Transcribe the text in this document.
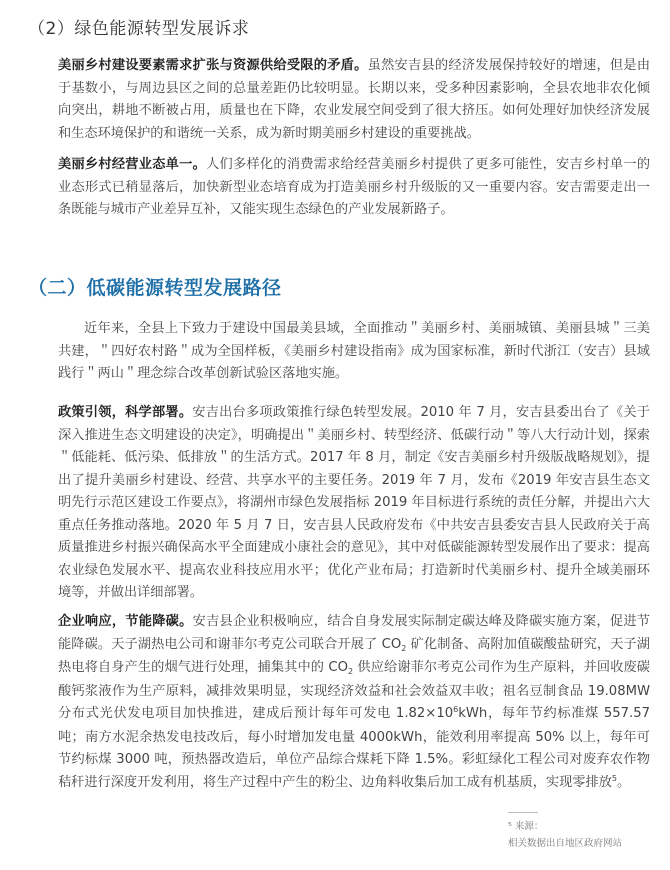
（2）绿色能源转型发展诉求

美丽乡村建设要素需求扩张与资源供给受限的矛盾。虽然安吉县的经济发展保持较好的增速，但是由于基数小，与周边县区之间的总量差距仍比较明显。长期以来，受多种因素影响，全县农地非农化倾向突出，耕地不断被占用，质量也在下降，农业发展空间受到了很大挤压。如何处理好加快经济发展和生态环境保护的和谐统一关系，成为新时期美丽乡村建设的重要挑战。

美丽乡村经营业态单一。人们多样化的消费需求给经营美丽乡村提供了更多可能性，安吉乡村单一的业态形式已稍显落后，加快新型业态培育成为打造美丽乡村升级版的又一重要内容。安吉需要走出一条既能与城市产业差异互补，又能实现生态绿色的产业发展新路子。

（二）低碳能源转型发展路径

近年来，全县上下致力于建设中国最美县域，全面推动＂美丽乡村、美丽城镇、美丽县城＂三美共建，＂四好农村路＂成为全国样板，《美丽乡村建设指南》成为国家标准，新时代浙江（安吉）县域践行＂两山＂理念综合改革创新试验区落地实施。

政策引领，科学部署。安吉出台多项政策推行绿色转型发展。2010 年 7 月，安吉县委出台了《关于深入推进生态文明建设的决定》，明确提出＂美丽乡村、转型经济、低碳行动＂等八大行动计划，探索＂低能耗、低污染、低排放＂的生活方式。2017 年 8 月，制定《安吉美丽乡村升级版战略规划》，提出了提升美丽乡村建设、经营、共享水平的主要任务。2019 年 7 月，发布《2019 年安吉县生态文明先行示范区建设工作要点》，将湖州市绿色发展指标 2019 年目标进行系统的责任分解，并提出六大重点任务推动落地。2020 年 5 月 7 日，安吉县人民政府发布《中共安吉县委安吉县人民政府关于高质量推进乡村振兴确保高水平全面建成小康社会的意见》，其中对低碳能源转型发展作出了要求：提高农业绿色发展水平、提高农业科技应用水平；优化产业布局；打造新时代美丽乡村、提升全域美丽环境等，并做出详细部署。

企业响应，节能降碳。安吉县企业积极响应，结合自身发展实际制定碳达峰及降碳实施方案，促进节能降碳。天子湖热电公司和谢菲尔考克公司联合开展了 $CO_2$ 矿化制备、高附加值碳酸盐研究，天子湖热电将自身产生的烟气进行处理，捕集其中的 $CO_2$ 供应给谢菲尔考克公司作为生产原料，并回收废碳酸钙浆液作为生产原料，减排效果明显，实现经济效益和社会效益双丰收；祖名豆制食品 19.08MW 分布式光伏发电项目加快推进，建成后预计每年可发电 $1.82\times 10^6kWh$，每年节约标准煤 557.57 吨；南方水泥余热发电技改后，每小时增加发电量 4000kWh，能效利用率提高 50% 以上，每年可节约标煤 3000 吨，预热器改造后，单位产品综合煤耗下降 1.5%。彩虹绿化工程公司对废弃农作物秸秆进行深度开发利用，将生产过程中产生的粉尘、边角料收集后加工成有机基质，实现零排放$^5$。

⁵ 来源：
相关数据出自地区政府网站
